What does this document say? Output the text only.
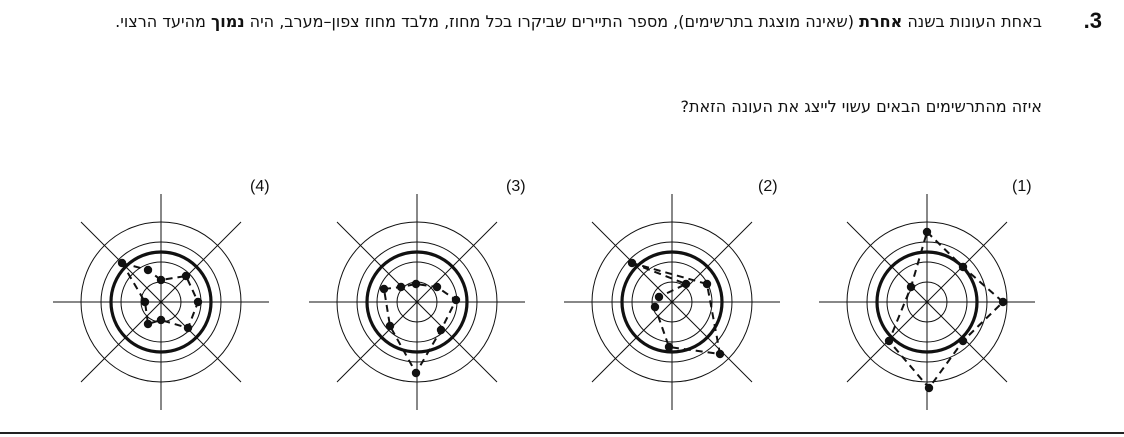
.3
באחת העונות בשנה אחרת (שאינה מוצגת בתרשימים), מספר התיירים שביקרו בכל מחוז, מלבד מחוז צפון–מערב, היה נמוך מהיעד הרצוי.
איזה מהתרשימים הבאים עשוי לייצג את העונה הזאת?
(1)
(2)
(3)
(4)
